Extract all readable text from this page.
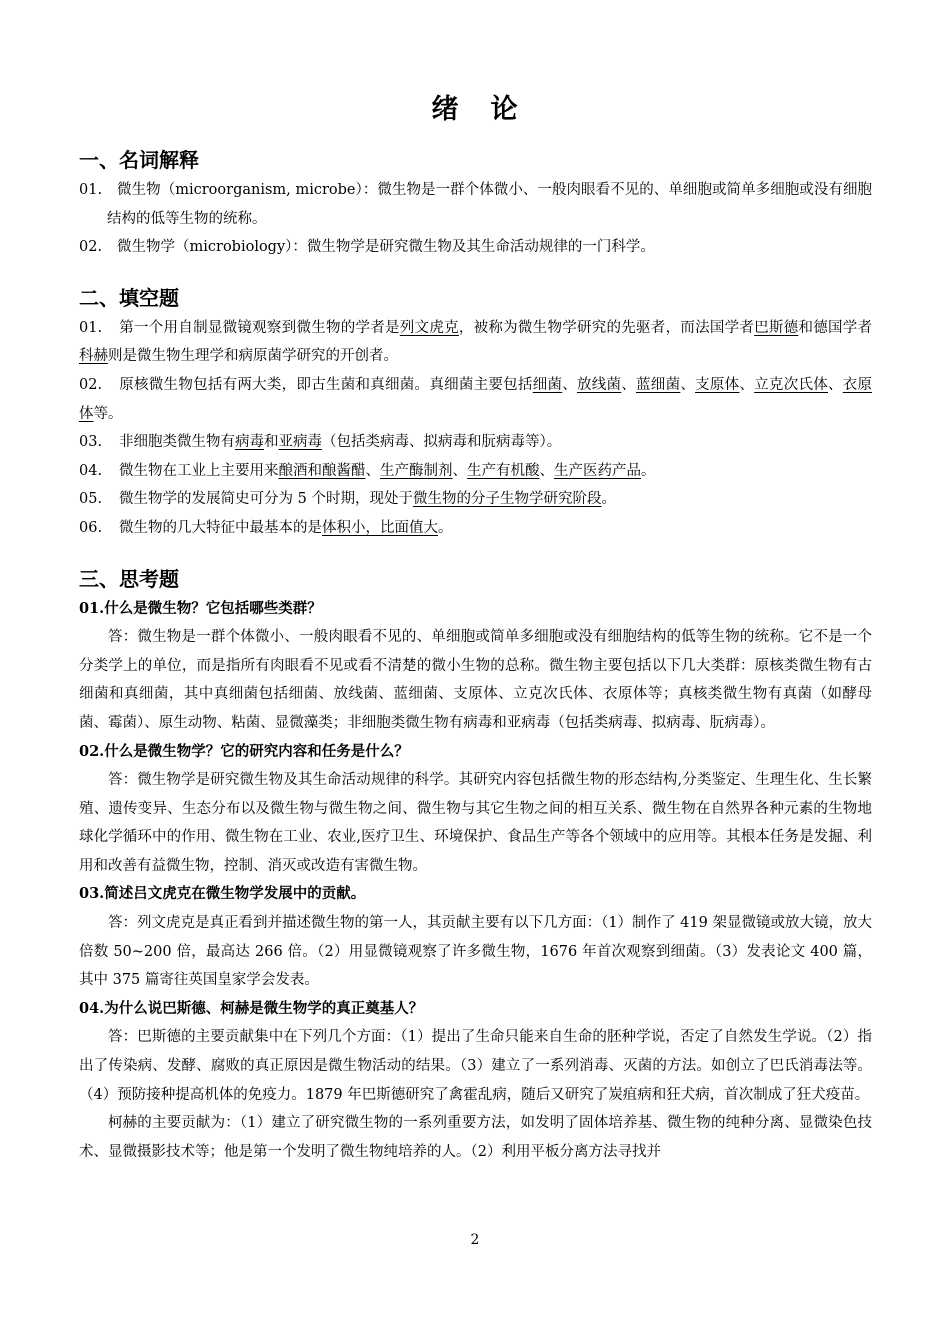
绪 论
一、名词解释

01. 微生物（microorganism, microbe）：微生物是一群个体微小、一般肉眼看不见的、单细胞或简单多细胞或没有细胞结构的低等生物的统称。

02. 微生物学（microbiology）：微生物学是研究微生物及其生命活动规律的一门科学。

二、填空题

01. 第一个用自制显微镜观察到微生物的学者是列文虎克，被称为微生物学研究的先驱者，而法国学者巴斯德和德国学者科赫则是微生物生理学和病原菌学研究的开创者。

02. 原核微生物包括有两大类，即古生菌和真细菌。真细菌主要包括细菌、放线菌、蓝细菌、支原体、立克次氏体、衣原体等。

03. 非细胞类微生物有病毒和亚病毒（包括类病毒、拟病毒和朊病毒等）。

04. 微生物在工业上主要用来酿酒和酿酱醋、生产酶制剂、生产有机酸、生产医药产品。

05. 微生物学的发展简史可分为 5 个时期，现处于微生物的分子生物学研究阶段。

06. 微生物的几大特征中最基本的是体积小，比面值大。

三、思考题
01.什么是微生物？它包括哪些类群？

答：微生物是一群个体微小、一般肉眼看不见的、单细胞或简单多细胞或没有细胞结构的低等生物的统称。它不是一个分类学上的单位，而是指所有肉眼看不见或看不清楚的微小生物的总称。微生物主要包括以下几大类群：原核类微生物有古细菌和真细菌，其中真细菌包括细菌、放线菌、蓝细菌、支原体、立克次氏体、衣原体等；真核类微生物有真菌（如酵母菌、霉菌）、原生动物、粘菌、显微藻类；非细胞类微生物有病毒和亚病毒（包括类病毒、拟病毒、朊病毒）。

02.什么是微生物学？它的研究内容和任务是什么？

答：微生物学是研究微生物及其生命活动规律的科学。其研究内容包括微生物的形态结构,分类鉴定、生理生化、生长繁殖、遗传变异、生态分布以及微生物与微生物之间、微生物与其它生物之间的相互关系、微生物在自然界各种元素的生物地球化学循环中的作用、微生物在工业、农业,医疗卫生、环境保护、食品生产等各个领域中的应用等。其根本任务是发掘、利用和改善有益微生物，控制、消灭或改造有害微生物。

03.简述吕文虎克在微生物学发展中的贡献。

答：列文虎克是真正看到并描述微生物的第一人，其贡献主要有以下几方面：（1）制作了 419 架显微镜或放大镜，放大倍数 50~200 倍，最高达 266 倍。（2）用显微镜观察了许多微生物，1676 年首次观察到细菌。（3）发表论文 400 篇，其中 375 篇寄往英国皇家学会发表。

04.为什么说巴斯德、柯赫是微生物学的真正奠基人？

答：巴斯德的主要贡献集中在下列几个方面：（1）提出了生命只能来自生命的胚种学说，否定了自然发生学说。（2）指出了传染病、发酵、腐败的真正原因是微生物活动的结果。（3）建立了一系列消毒、灭菌的方法。如创立了巴氏消毒法等。（4）预防接种提高机体的免疫力。1879 年巴斯德研究了禽霍乱病，随后又研究了炭疽病和狂犬病，首次制成了狂犬疫苗。

柯赫的主要贡献为：（1）建立了研究微生物的一系列重要方法，如发明了固体培养基、微生物的纯种分离、显微染色技术、显微摄影技术等；他是第一个发明了微生物纯培养的人。（2）利用平板分离方法寻找并

2
